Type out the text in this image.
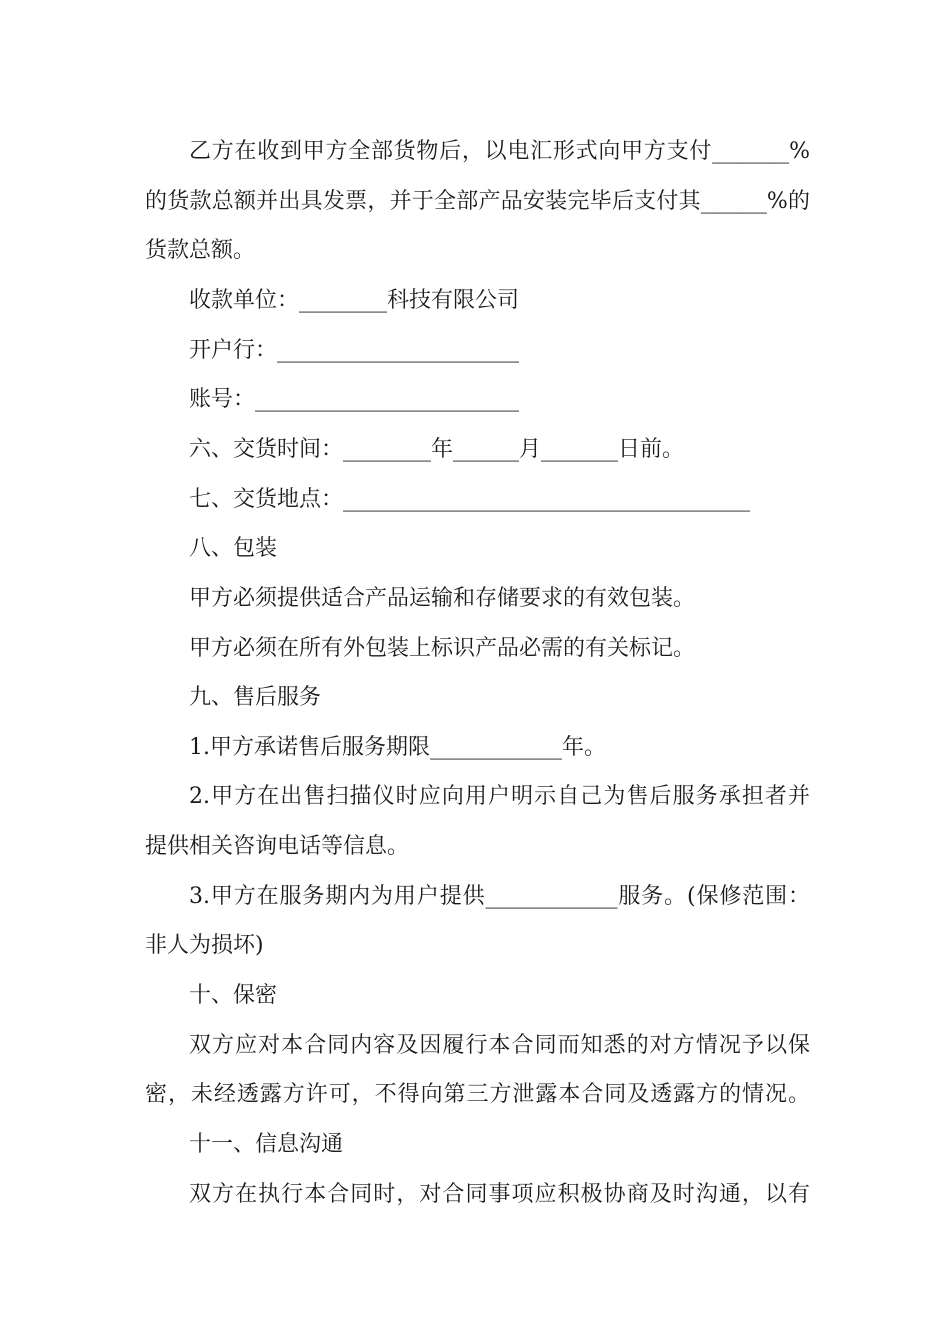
乙方在收到甲方全部货物后，以电汇形式向甲方支付_______%
的货款总额并出具发票，并于全部产品安装完毕后支付其______%的
货款总额。
收款单位：________科技有限公司
开户行：______________________
账号：________________________
六、交货时间：________年______月_______日前。
七、交货地点：_____________________________________
八、包装
甲方必须提供适合产品运输和存储要求的有效包装。
甲方必须在所有外包装上标识产品必需的有关标记。
九、售后服务
1.甲方承诺售后服务期限____________年。
2.甲方在出售扫描仪时应向用户明示自己为售后服务承担者并
提供相关咨询电话等信息。
3.甲方在服务期内为用户提供____________服务。(保修范围：
非人为损坏)
十、保密
双方应对本合同内容及因履行本合同而知悉的对方情况予以保
密，未经透露方许可，不得向第三方泄露本合同及透露方的情况。
十一、信息沟通
双方在执行本合同时，对合同事项应积极协商及时沟通，以有
